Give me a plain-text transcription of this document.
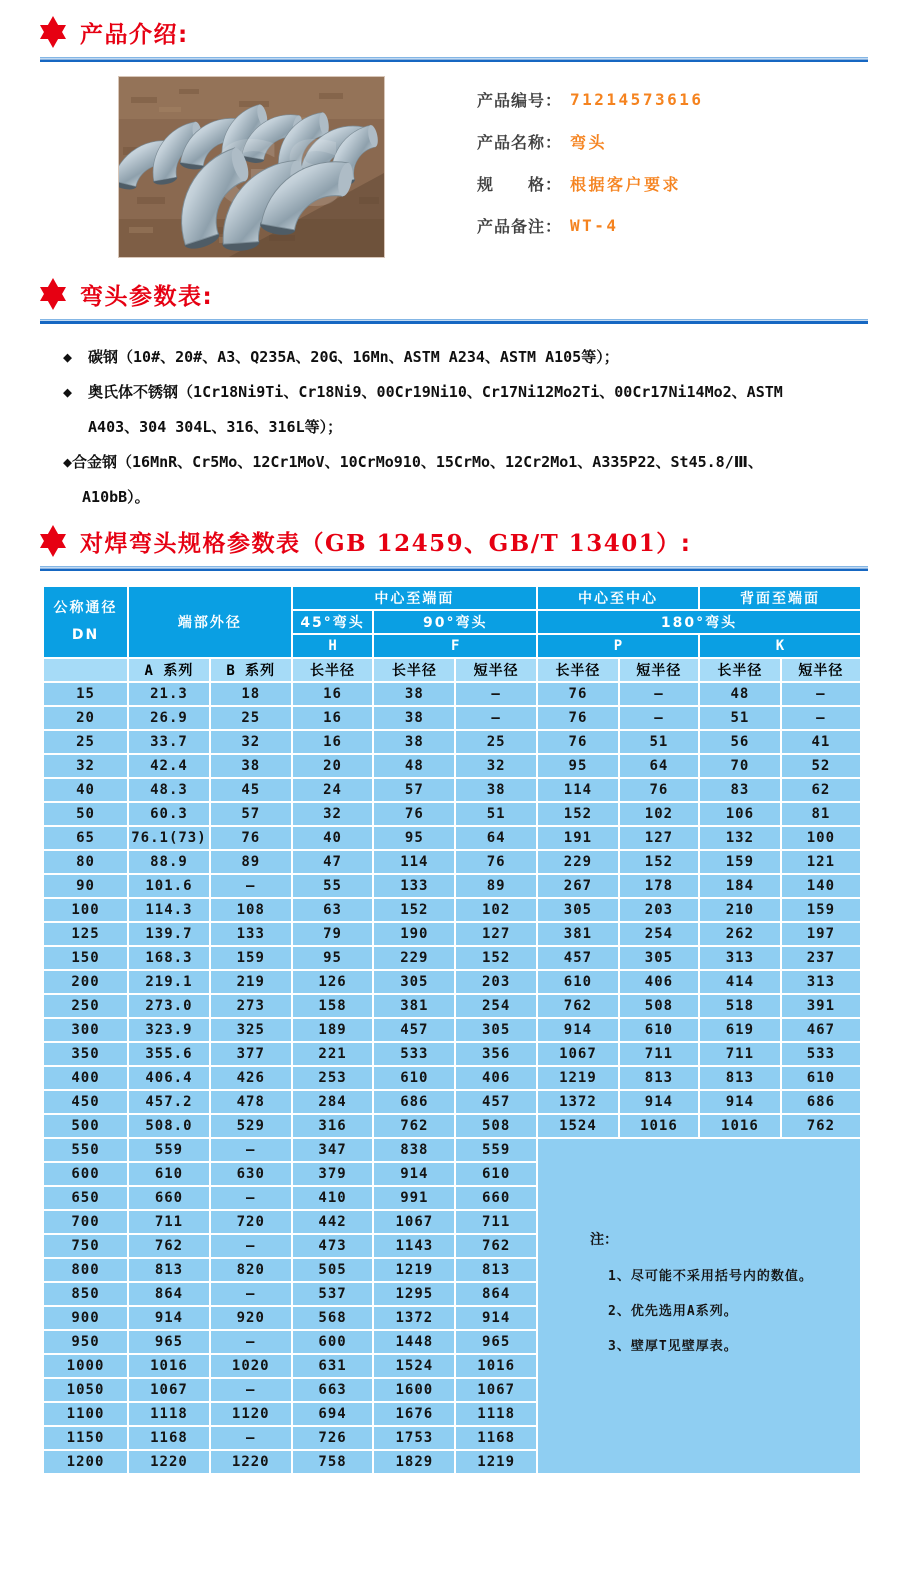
产品介绍:
产品编号： 71214573616
产品名称： 弯头
规　　格： 根据客户要求
产品备注： WT-4
弯头参数表:
◆ 碳钢（10#、20#、A3、Q235A、20G、16Mn、ASTM A234、ASTM A105等）；
◆ 奥氏体不锈钢（1Cr18Ni9Ti、Cr18Ni9、00Cr19Ni10、Cr17Ni12Mo2Ti、00Cr17Ni14Mo2、ASTM
A403、304 304L、316、316L等）；
◆ 合金钢（16MnR、Cr5Mo、12Cr1MoV、10CrMo910、15CrMo、12Cr2Mo1、A335P22、St45.8/Ⅲ、
A10bB）。
对焊弯头规格参数表（GB 12459、GB/T 13401）:
公称通径
DN	端部外径		中心至端面			中心至中心		背面至端面	
			45°弯头	90°弯头		180°弯头			
			H	F		P		K	
	A 系列	B 系列	长半径	长半径	短半径	长半径	短半径	长半径	短半径
15	21.3	18	16	38	—	76	—	48	—
20	26.9	25	16	38	—	76	—	51	—
25	33.7	32	16	38	25	76	51	56	41
32	42.4	38	20	48	32	95	64	70	52
40	48.3	45	24	57	38	114	76	83	62
50	60.3	57	32	76	51	152	102	106	81
65	76.1(73)	76	40	95	64	191	127	132	100
80	88.9	89	47	114	76	229	152	159	121
90	101.6	—	55	133	89	267	178	184	140
100	114.3	108	63	152	102	305	203	210	159
125	139.7	133	79	190	127	381	254	262	197
150	168.3	159	95	229	152	457	305	313	237
200	219.1	219	126	305	203	610	406	414	313
250	273.0	273	158	381	254	762	508	518	391
300	323.9	325	189	457	305	914	610	619	467
350	355.6	377	221	533	356	1067	711	711	533
400	406.4	426	253	610	406	1219	813	813	610
450	457.2	478	284	686	457	1372	914	914	686
500	508.0	529	316	762	508	1524	1016	1016	762
550	559	—	347	838	559	注：
1、尽可能不采用括号内的数值。
2、优先选用A系列。
3、壁厚T见壁厚表。			

600	610	630	379	914	610				
650	660	—	410	991	660				
700	711	720	442	1067	711				
750	762	—	473	1143	762				
800	813	820	505	1219	813				
850	864	—	537	1295	864				
900	914	920	568	1372	914				
950	965	—	600	1448	965				
1000	1016	1020	631	1524	1016				
1050	1067	—	663	1600	1067				
1100	1118	1120	694	1676	1118				
1150	1168	—	726	1753	1168				
1200	1220	1220	758	1829	1219				
